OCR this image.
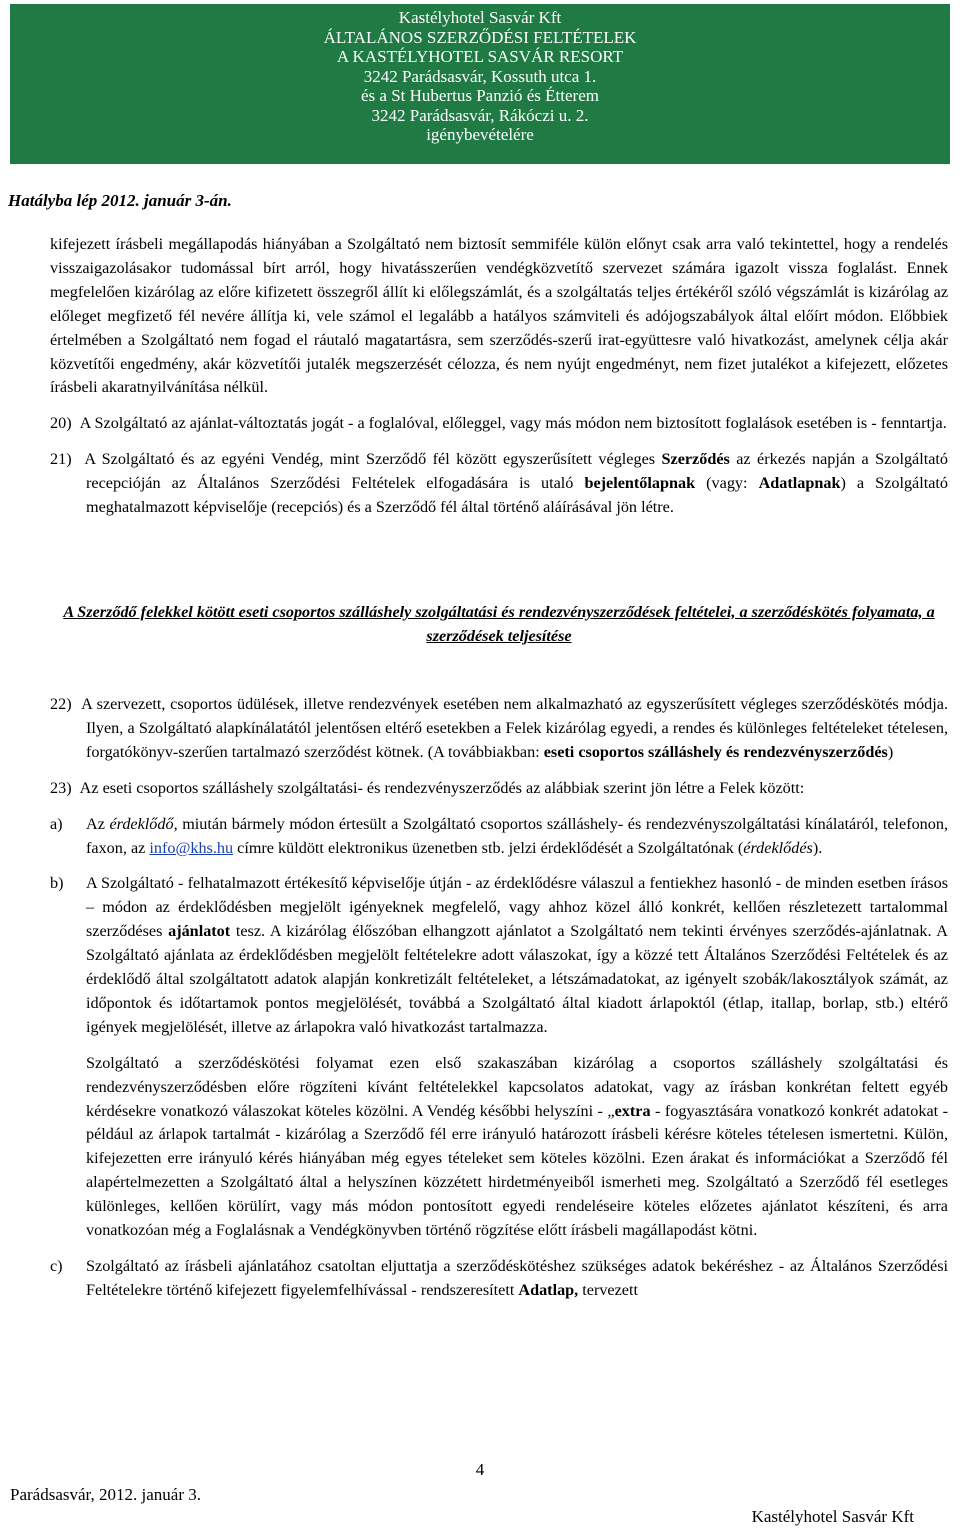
Kastélyhotel Sasvár Kft
ÁLTALÁNOS SZERZŐDÉSI FELTÉTELEK
A KASTÉLYHOTEL SASVÁR RESORT
3242 Parádsasvár, Kossuth utca 1.
és a St Hubertus Panzió és Étterem
3242 Parádsasvár, Rákóczi u. 2.
igénybevételére
Hatályba lép 2012. január 3-án.

kifejezett írásbeli megállapodás hiányában a Szolgáltató nem biztosít semmiféle külön előnyt csak arra való tekintettel, hogy a rendelés visszaigazolásakor tudomással bírt arról, hogy hivatásszerűen vendégközvetítő szervezet számára igazolt vissza foglalást. Ennek megfelelően kizárólag az előre kifizetett összegről állít ki előlegszámlát, és a szolgáltatás teljes értékéről szóló végszámlát is kizárólag az előleget megfizető fél nevére állítja ki, vele számol el legalább a hatályos számviteli és adójogszabályok által előírt módon. Előbbiek értelmében a Szolgáltató nem fogad el ráutaló magatartásra, sem szerződés-szerű irat-együttesre való hivatkozást, amelynek célja akár közvetítői engedmény, akár közvetítői jutalék megszerzését célozza, és nem nyújt engedményt, nem fizet jutalékot a kifejezett, előzetes írásbeli akaratnyilvánítása nélkül.

20) A Szolgáltató az ajánlat-változtatás jogát - a foglalóval, előleggel, vagy más módon nem biztosított foglalások esetében is - fenntartja.

21) A Szolgáltató és az egyéni Vendég, mint Szerződő fél között egyszerűsített végleges Szerződés az érkezés napján a Szolgáltató recepcióján az Általános Szerződési Feltételek elfogadására is utaló bejelentőlapnak (vagy: Adatlapnak) a Szolgáltató meghatalmazott képviselője (recepciós) és a Szerződő fél által történő aláírásával jön létre.

A Szerződő felekkel kötött eseti csoportos szálláshely szolgáltatási és rendezvényszerződések feltételei, a szerződéskötés folyamata, a szerződések teljesítése

22) A szervezett, csoportos üdülések, illetve rendezvények esetében nem alkalmazható az egyszerűsített végleges szerződéskötés módja. Ilyen, a Szolgáltató alapkínálatától jelentősen eltérő esetekben a Felek kizárólag egyedi, a rendes és különleges feltételeket tételesen, forgatókönyv-szerűen tartalmazó szerződést kötnek. (A továbbiakban: eseti csoportos szálláshely és rendezvényszerződés)

23) Az eseti csoportos szálláshely szolgáltatási- és rendezvényszerződés az alábbiak szerint jön létre a Felek között:

a) Az érdeklődő, miután bármely módon értesült a Szolgáltató csoportos szálláshely- és rendezvényszolgáltatási kínálatáról, telefonon, faxon, az info@khs.hu címre küldött elektronikus üzenetben stb. jelzi érdeklődését a Szolgáltatónak (érdeklődés).

b) A Szolgáltató - felhatalmazott értékesítő képviselője útján - az érdeklődésre válaszul a fentiekhez hasonló - de minden esetben írásos – módon az érdeklődésben megjelölt igényeknek megfelelő, vagy ahhoz közel álló konkrét, kellően részletezett tartalommal szerződéses ajánlatot tesz. A kizárólag élőszóban elhangzott ajánlatot a Szolgáltató nem tekinti érvényes szerződés-ajánlatnak. A Szolgáltató ajánlata az érdeklődésben megjelölt feltételekre adott válaszokat, így a közzé tett Általános Szerződési Feltételek és az érdeklődő által szolgáltatott adatok alapján konkretizált feltételeket, a létszámadatokat, az igényelt szobák/lakosztályok számát, az időpontok és időtartamok pontos megjelölését, továbbá a Szolgáltató által kiadott árlapoktól (étlap, itallap, borlap, stb.) eltérő igények megjelölését, illetve az árlapokra való hivatkozást tartalmazza.

Szolgáltató a szerződéskötési folyamat ezen első szakaszában kizárólag a csoportos szálláshely szolgáltatási és rendezvényszerződésben előre rögzíteni kívánt feltételekkel kapcsolatos adatokat, vagy az írásban konkrétan feltett egyéb kérdésekre vonatkozó válaszokat köteles közölni. A Vendég későbbi helyszíni - „extra - fogyasztására vonatkozó konkrét adatokat - például az árlapok tartalmát - kizárólag a Szerződő fél erre irányuló határozott írásbeli kérésre köteles tételesen ismertetni. Külön, kifejezetten erre irányuló kérés hiányában még egyes tételeket sem köteles közölni. Ezen árakat és információkat a Szerződő fél alapértelmezetten a Szolgáltató által a helyszínen közzétett hirdetményeiből ismerheti meg. Szolgáltató a Szerződő fél esetleges különleges, kellően körülírt, vagy más módon pontosított egyedi rendeléseire köteles előzetes ajánlatot készíteni, és arra vonatkozóan még a Foglalásnak a Vendégkönyvben történő rögzítése előtt írásbeli magállapodást kötni.

c) Szolgáltató az írásbeli ajánlatához csatoltan eljuttatja a szerződéskötéshez szükséges adatok bekéréshez - az Általános Szerződési Feltételekre történő kifejezett figyelemfelhívással - rendszeresített Adatlap, tervezett

4
Parádsasvár, 2012. január 3.
Kastélyhotel Sasvár Kft
